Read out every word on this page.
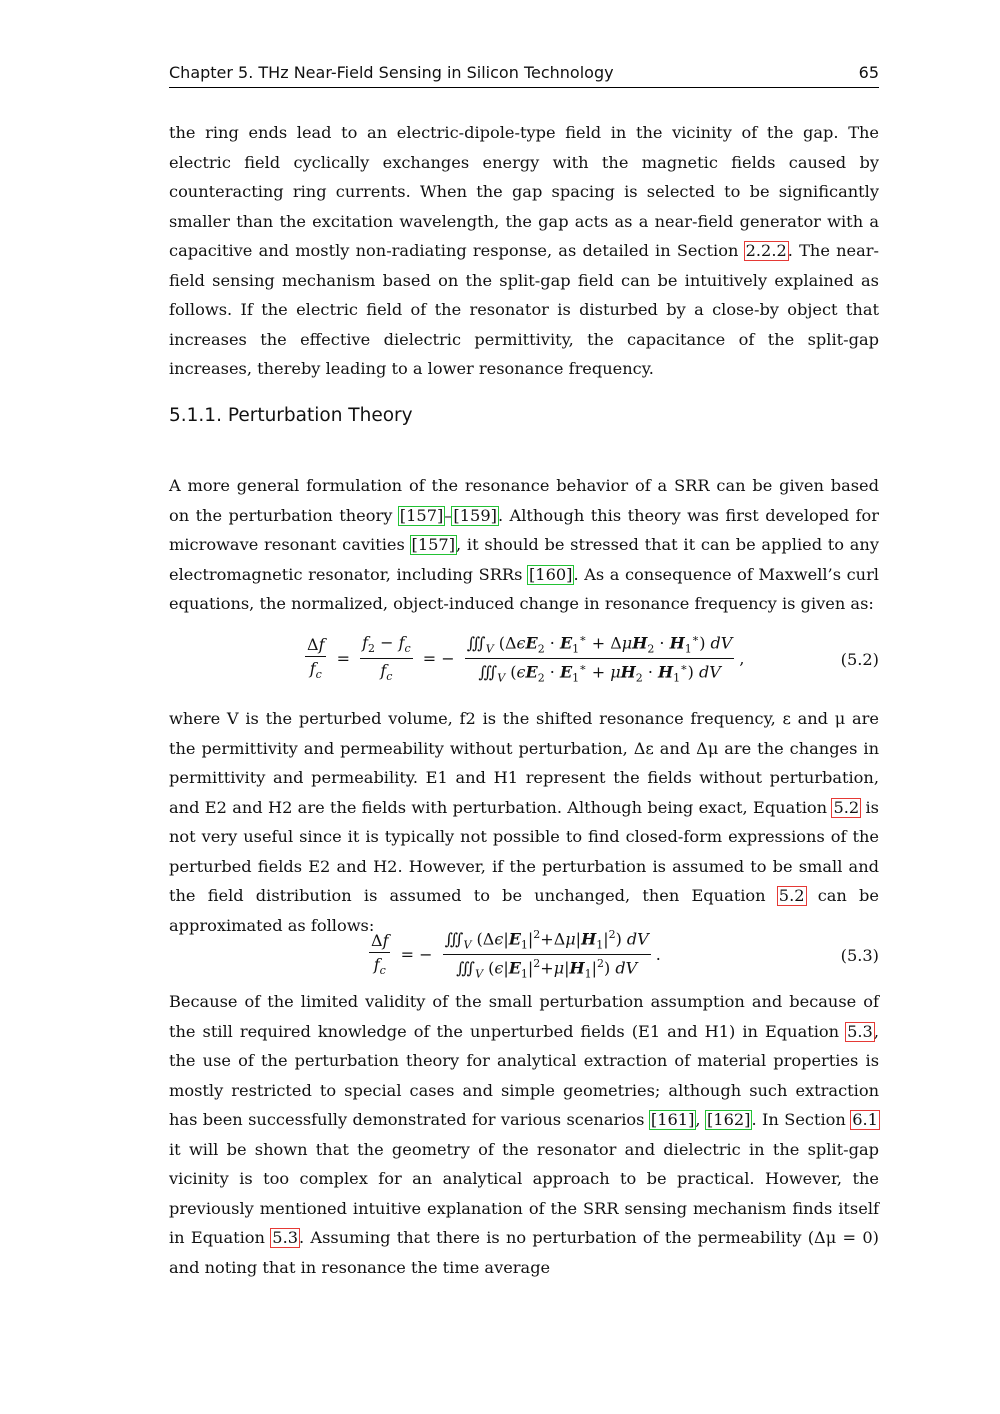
Chapter 5. THz Near-Field Sensing in Silicon Technology	65

the ring ends lead to an electric-dipole-type field in the vicinity of the gap. The electric field cyclically exchanges energy with the magnetic fields caused by counteracting ring currents. When the gap spacing is selected to be significantly smaller than the excitation wavelength, the gap acts as a near-field generator with a capacitive and mostly non-radiating response, as detailed in Section 2.2.2. The near-field sensing mechanism based on the split-gap field can be intuitively explained as follows. If the electric field of the resonator is disturbed by a close-by object that increases the effective dielectric permittivity, the capacitance of the split-gap increases, thereby leading to a lower resonance frequency.

5.1.1. Perturbation Theory

A more general formulation of the resonance behavior of a SRR can be given based on the perturbation theory [157]–[159]. Although this theory was first developed for microwave resonant cavities [157], it should be stressed that it can be applied to any electromagnetic resonator, including SRRs [160]. As a consequence of Maxwell’s curl equations, the normalized, object-induced change in resonance frequency is given as:

$\frac{\Delta f}{f_c} = \frac{f_2 - f_c}{f_c}$ = − $\frac{∭_V (\Delta\epsilon E_2 \cdot E_1^∗ + \Delta\mu H_2 \cdot H_1^∗) dV}{∭_V (\epsilon E_2 \cdot E_1^∗ + \mu H_2 \cdot H_1^∗) dV}$ ,	(5.2)

where V is the perturbed volume, f2 is the shifted resonance frequency, ε and μ are the permittivity and permeability without perturbation, Δε and Δμ are the changes in permittivity and permeability. E1 and H1 represent the fields without perturbation, and E2 and H2 are the fields with perturbation. Although being exact, Equation 5.2 is not very useful since it is typically not possible to find closed-form expressions of the perturbed fields E2 and H2. However, if the perturbation is assumed to be small and the field distribution is assumed to be unchanged, then Equation 5.2 can be approximated as follows:

$\frac{\Delta f}{f_c}$ = − $\frac{∭_V (\Delta\epsilon|E_1|^2+\Delta\mu|H_1|^2) dV}{∭_V (\epsilon|E_1|^2+\mu|H_1|^2) dV}$ .	(5.3)

Because of the limited validity of the small perturbation assumption and because of the still required knowledge of the unperturbed fields (E1 and H1) in Equation 5.3, the use of the perturbation theory for analytical extraction of material properties is mostly restricted to special cases and simple geometries; although such extraction has been successfully demonstrated for various scenarios [161], [162]. In Section 6.1 it will be shown that the geometry of the resonator and dielectric in the split-gap vicinity is too complex for an analytical approach to be practical. However, the previously mentioned intuitive explanation of the SRR sensing mechanism finds itself in Equation 5.3. Assuming that there is no perturbation of the permeability (Δμ = 0) and noting that in resonance the time average
